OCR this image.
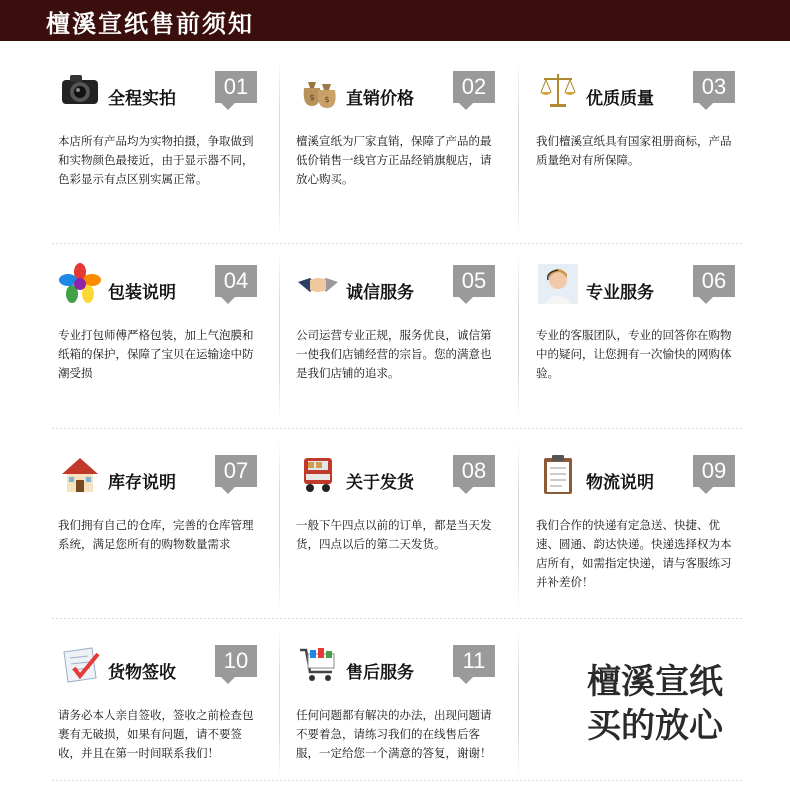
檀溪宣纸售前须知
全程实拍	01
本店所有产品均为实物拍摄，争取做到和实物颜色最接近，由于显示器不同，色彩显示有点区别实属正常。
$ $ 直销价格	02
檀溪宣纸为厂家直销，保障了产品的最低价销售一线官方正品经销旗舰店，请放心购买。
优质质量	03
我们檀溪宣纸具有国家祖册商标，产品质量绝对有所保障。
包装说明	04
专业打包师傅严格包装，加上气泡膜和纸箱的保护，保障了宝贝在运输途中防潮受损
诚信服务	05
公司运营专业正规，服务优良，诚信第一使我们店铺经营的宗旨。您的满意也是我们店铺的追求。
专业服务	06
专业的客服团队，专业的回答你在购物中的疑问，让您拥有一次愉快的网购体验。
库存说明	07
我们拥有自己的仓库，完善的仓库管理系统，满足您所有的购物数量需求
关于发货	08
一般下午四点以前的订单，都是当天发货，四点以后的第二天发货。
物流说明	09
我们合作的快递有定急送、快捷、优速、圆通、韵达快递。快递选择权为本店所有，如需指定快递，请与客服练习并补差价！
货物签收	10
请务必本人亲自签收，签收之前检查包裹有无破损，如果有问题，请不要签收，并且在第一时间联系我们！
售后服务	11
任何问题都有解决的办法，出现问题请不要着急，请练习我们的在线售后客服，一定给您一个满意的答复，谢谢！
檀溪宣纸
买的放心
